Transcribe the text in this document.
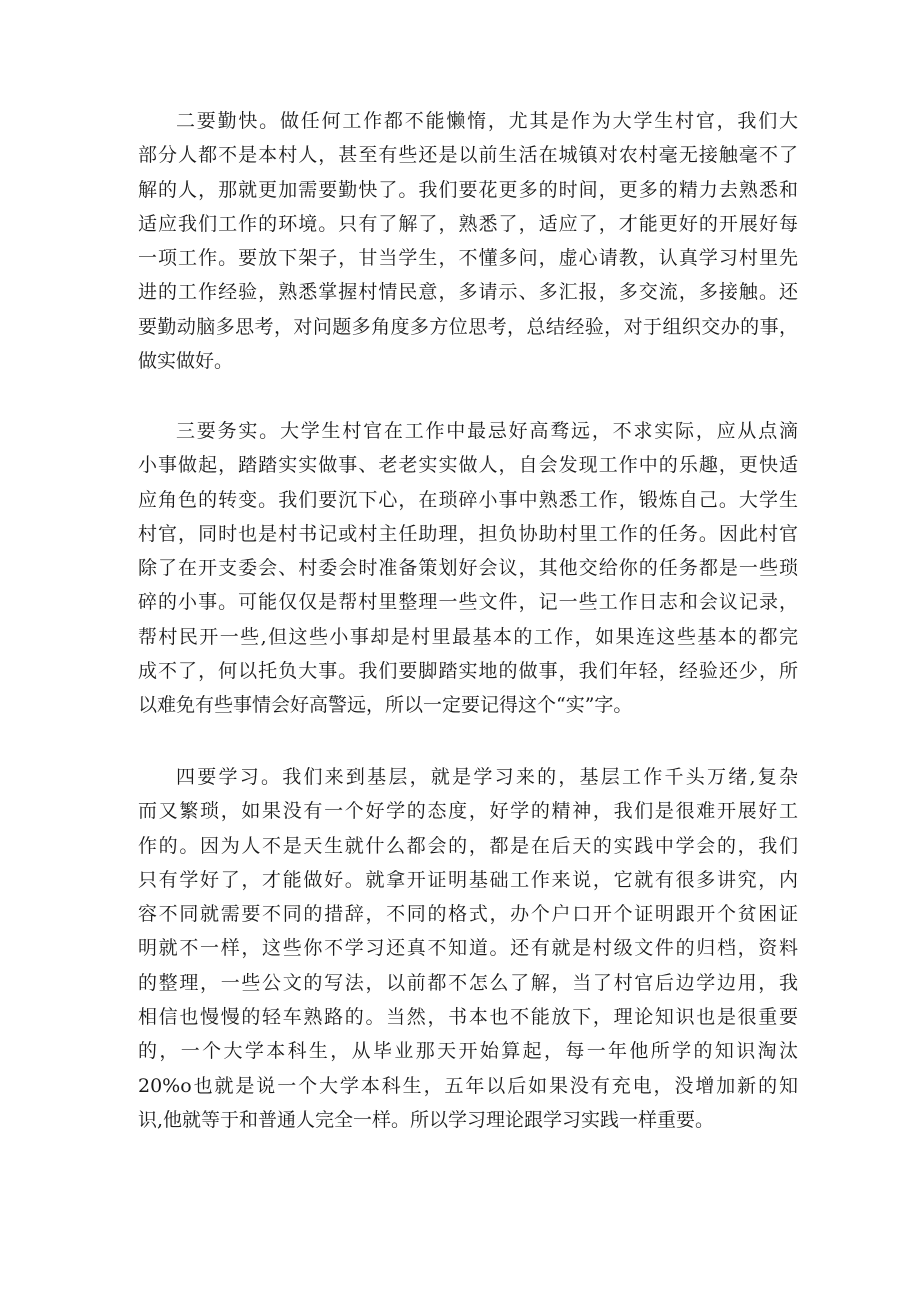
二要勤快。做任何工作都不能懒惰，尤其是作为大学生村官，我们大
部分人都不是本村人，甚至有些还是以前生活在城镇对农村毫无接触毫不了
解的人，那就更加需要勤快了。我们要花更多的时间，更多的精力去熟悉和
适应我们工作的环境。只有了解了，熟悉了，适应了，才能更好的开展好每
一项工作。要放下架子，甘当学生，不懂多问，虚心请教，认真学习村里先
进的工作经验，熟悉掌握村情民意，多请示、多汇报，多交流，多接触。还
要勤动脑多思考，对问题多角度多方位思考，总结经验，对于组织交办的事，
做实做好。
三要务实。大学生村官在工作中最忌好高骛远，不求实际，应从点滴
小事做起，踏踏实实做事、老老实实做人，自会发现工作中的乐趣，更快适
应角色的转变。我们要沉下心，在琐碎小事中熟悉工作，锻炼自己。大学生
村官，同时也是村书记或村主任助理，担负协助村里工作的任务。因此村官
除了在开支委会、村委会时准备策划好会议，其他交给你的任务都是一些琐
碎的小事。可能仅仅是帮村里整理一些文件，记一些工作日志和会议记录，
帮村民开一些,但这些小事却是村里最基本的工作，如果连这些基本的都完
成不了，何以托负大事。我们要脚踏实地的做事，我们年轻，经验还少，所
以难免有些事情会好高警远，所以一定要记得这个“实”字。
四要学习。我们来到基层，就是学习来的，基层工作千头万绪,复杂
而又繁琐，如果没有一个好学的态度，好学的精神，我们是很难开展好工
作的。因为人不是天生就什么都会的，都是在后天的实践中学会的，我们
只有学好了，才能做好。就拿开证明基础工作来说，它就有很多讲究，内
容不同就需要不同的措辞，不同的格式，办个户口开个证明跟开个贫困证
明就不一样，这些你不学习还真不知道。还有就是村级文件的归档，资料
的整理，一些公文的写法，以前都不怎么了解，当了村官后边学边用，我
相信也慢慢的轻车熟路的。当然，书本也不能放下，理论知识也是很重要
的，一个大学本科生，从毕业那天开始算起，每一年他所学的知识淘汰
20%o也就是说一个大学本科生，五年以后如果没有充电，没增加新的知
识,他就等于和普通人完全一样。所以学习理论跟学习实践一样重要。
